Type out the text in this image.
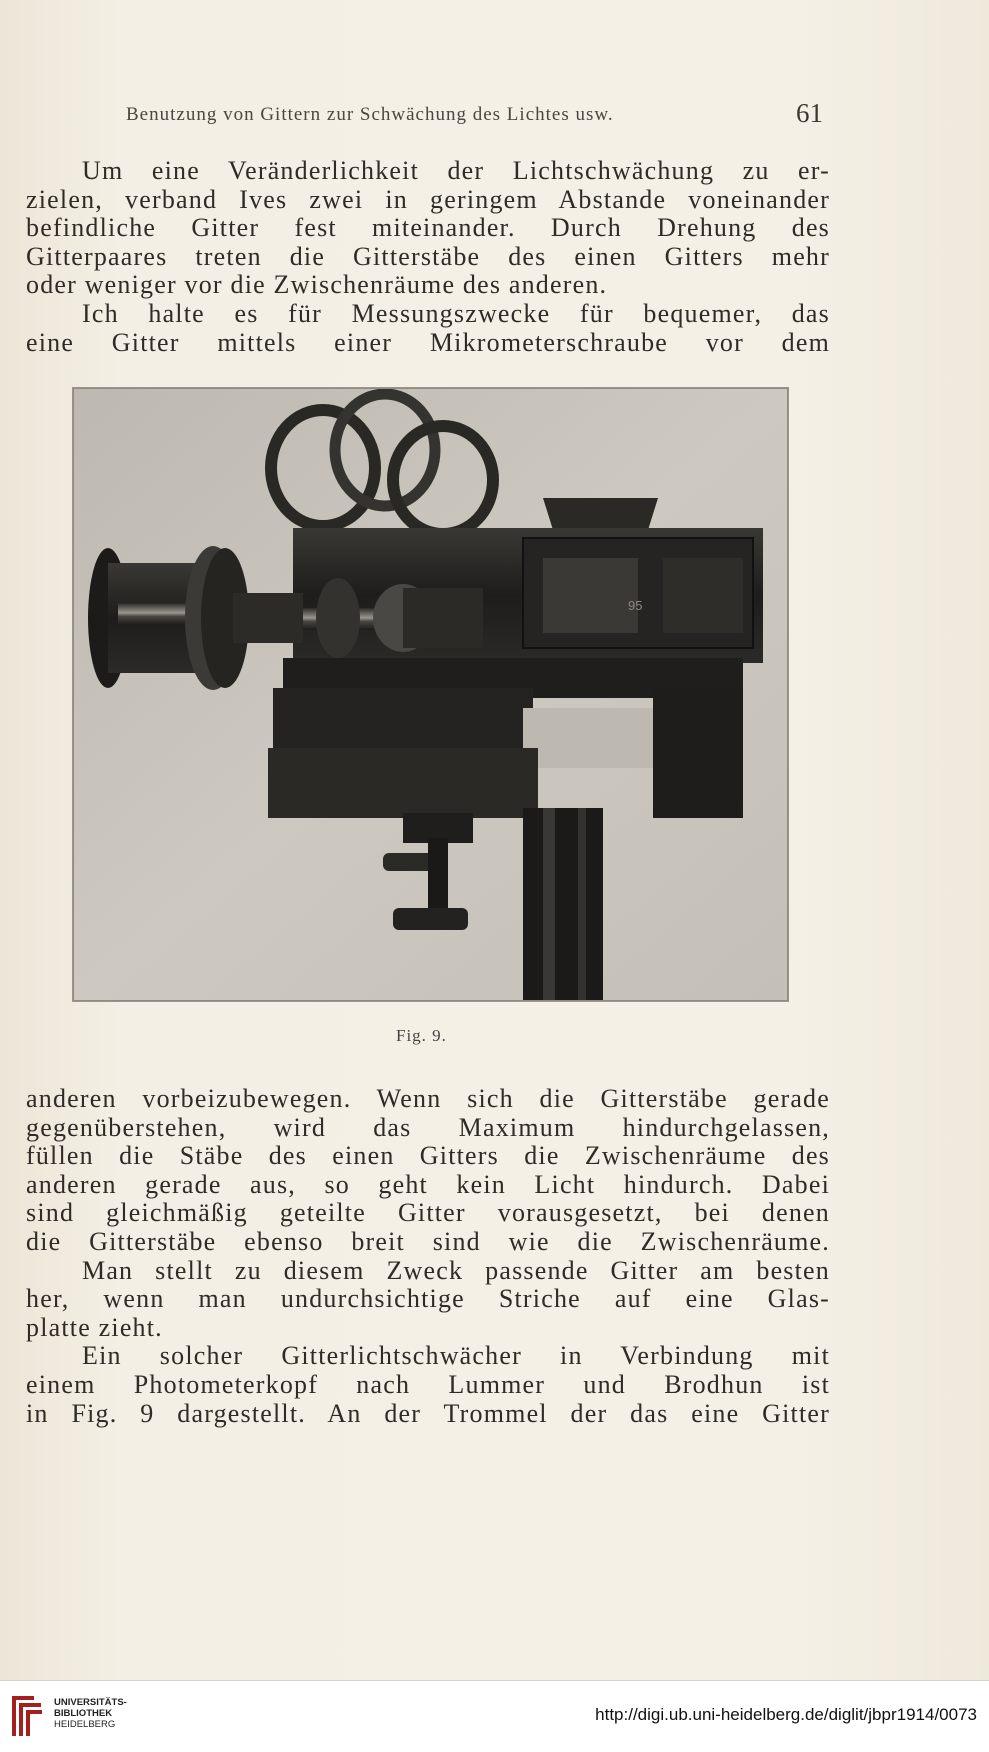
Benutzung von Gittern zur Schwächung des Lichtes usw.	61
Um eine Veränderlichkeit der Lichtschwächung zu er-
zielen, verband Ives zwei in geringem Abstande voneinander
befindliche Gitter fest miteinander. Durch Drehung des
Gitterpaares treten die Gitterstäbe des einen Gitters mehr
oder weniger vor die Zwischenräume des anderen.
Ich halte es für Messungszwecke für bequemer, das
eine Gitter mittels einer Mikrometerschraube vor dem
95
Fig. 9.
anderen vorbeizubewegen. Wenn sich die Gitterstäbe gerade
gegenüberstehen, wird das Maximum hindurchgelassen,
füllen die Stäbe des einen Gitters die Zwischenräume des
anderen gerade aus, so geht kein Licht hindurch. Dabei
sind gleichmäßig geteilte Gitter vorausgesetzt, bei denen
die Gitterstäbe ebenso breit sind wie die Zwischenräume.
Man stellt zu diesem Zweck passende Gitter am besten
her, wenn man undurchsichtige Striche auf eine Glas-
platte zieht.
Ein solcher Gitterlichtschwächer in Verbindung mit
einem Photometerkopf nach Lummer und Brodhun ist
in Fig. 9 dargestellt. An der Trommel der das eine Gitter
UNIVERSITÄTS-
BIBLIOTHEK
HEIDELBERG
http://digi.ub.uni-heidelberg.de/diglit/jbpr1914/0073
